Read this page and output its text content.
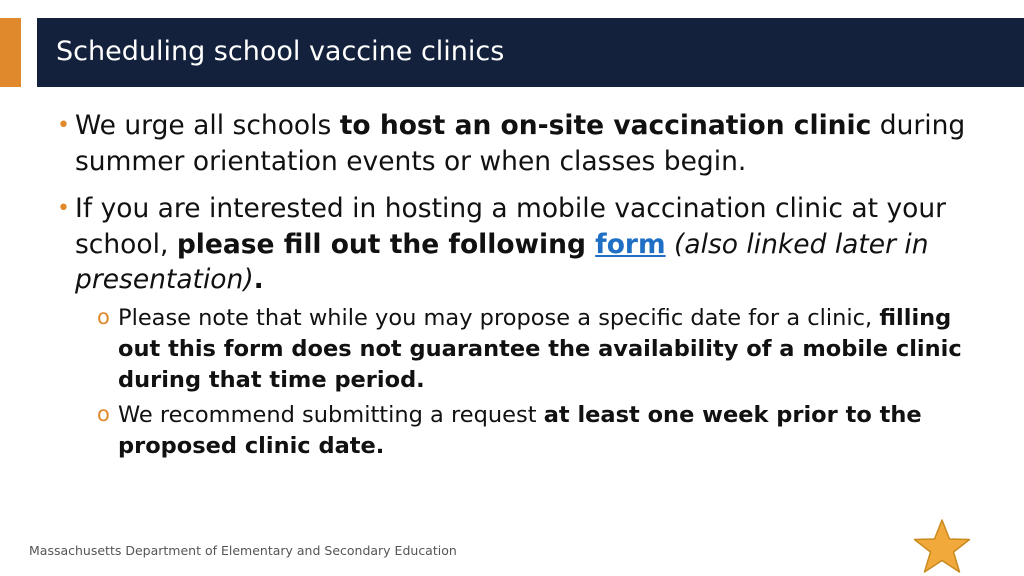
Scheduling school vaccine clinics
• We urge all schools to host an on-site vaccination clinic during summer orientation events or when classes begin.
• If you are interested in hosting a mobile vaccination clinic at your school, please fill out the following form (also linked later in presentation).
o Please note that while you may propose a specific date for a clinic, filling out this form does not guarantee the availability of a mobile clinic during that time period.
o We recommend submitting a request at least one week prior to the proposed clinic date.
Massachusetts Department of Elementary and Secondary Education
